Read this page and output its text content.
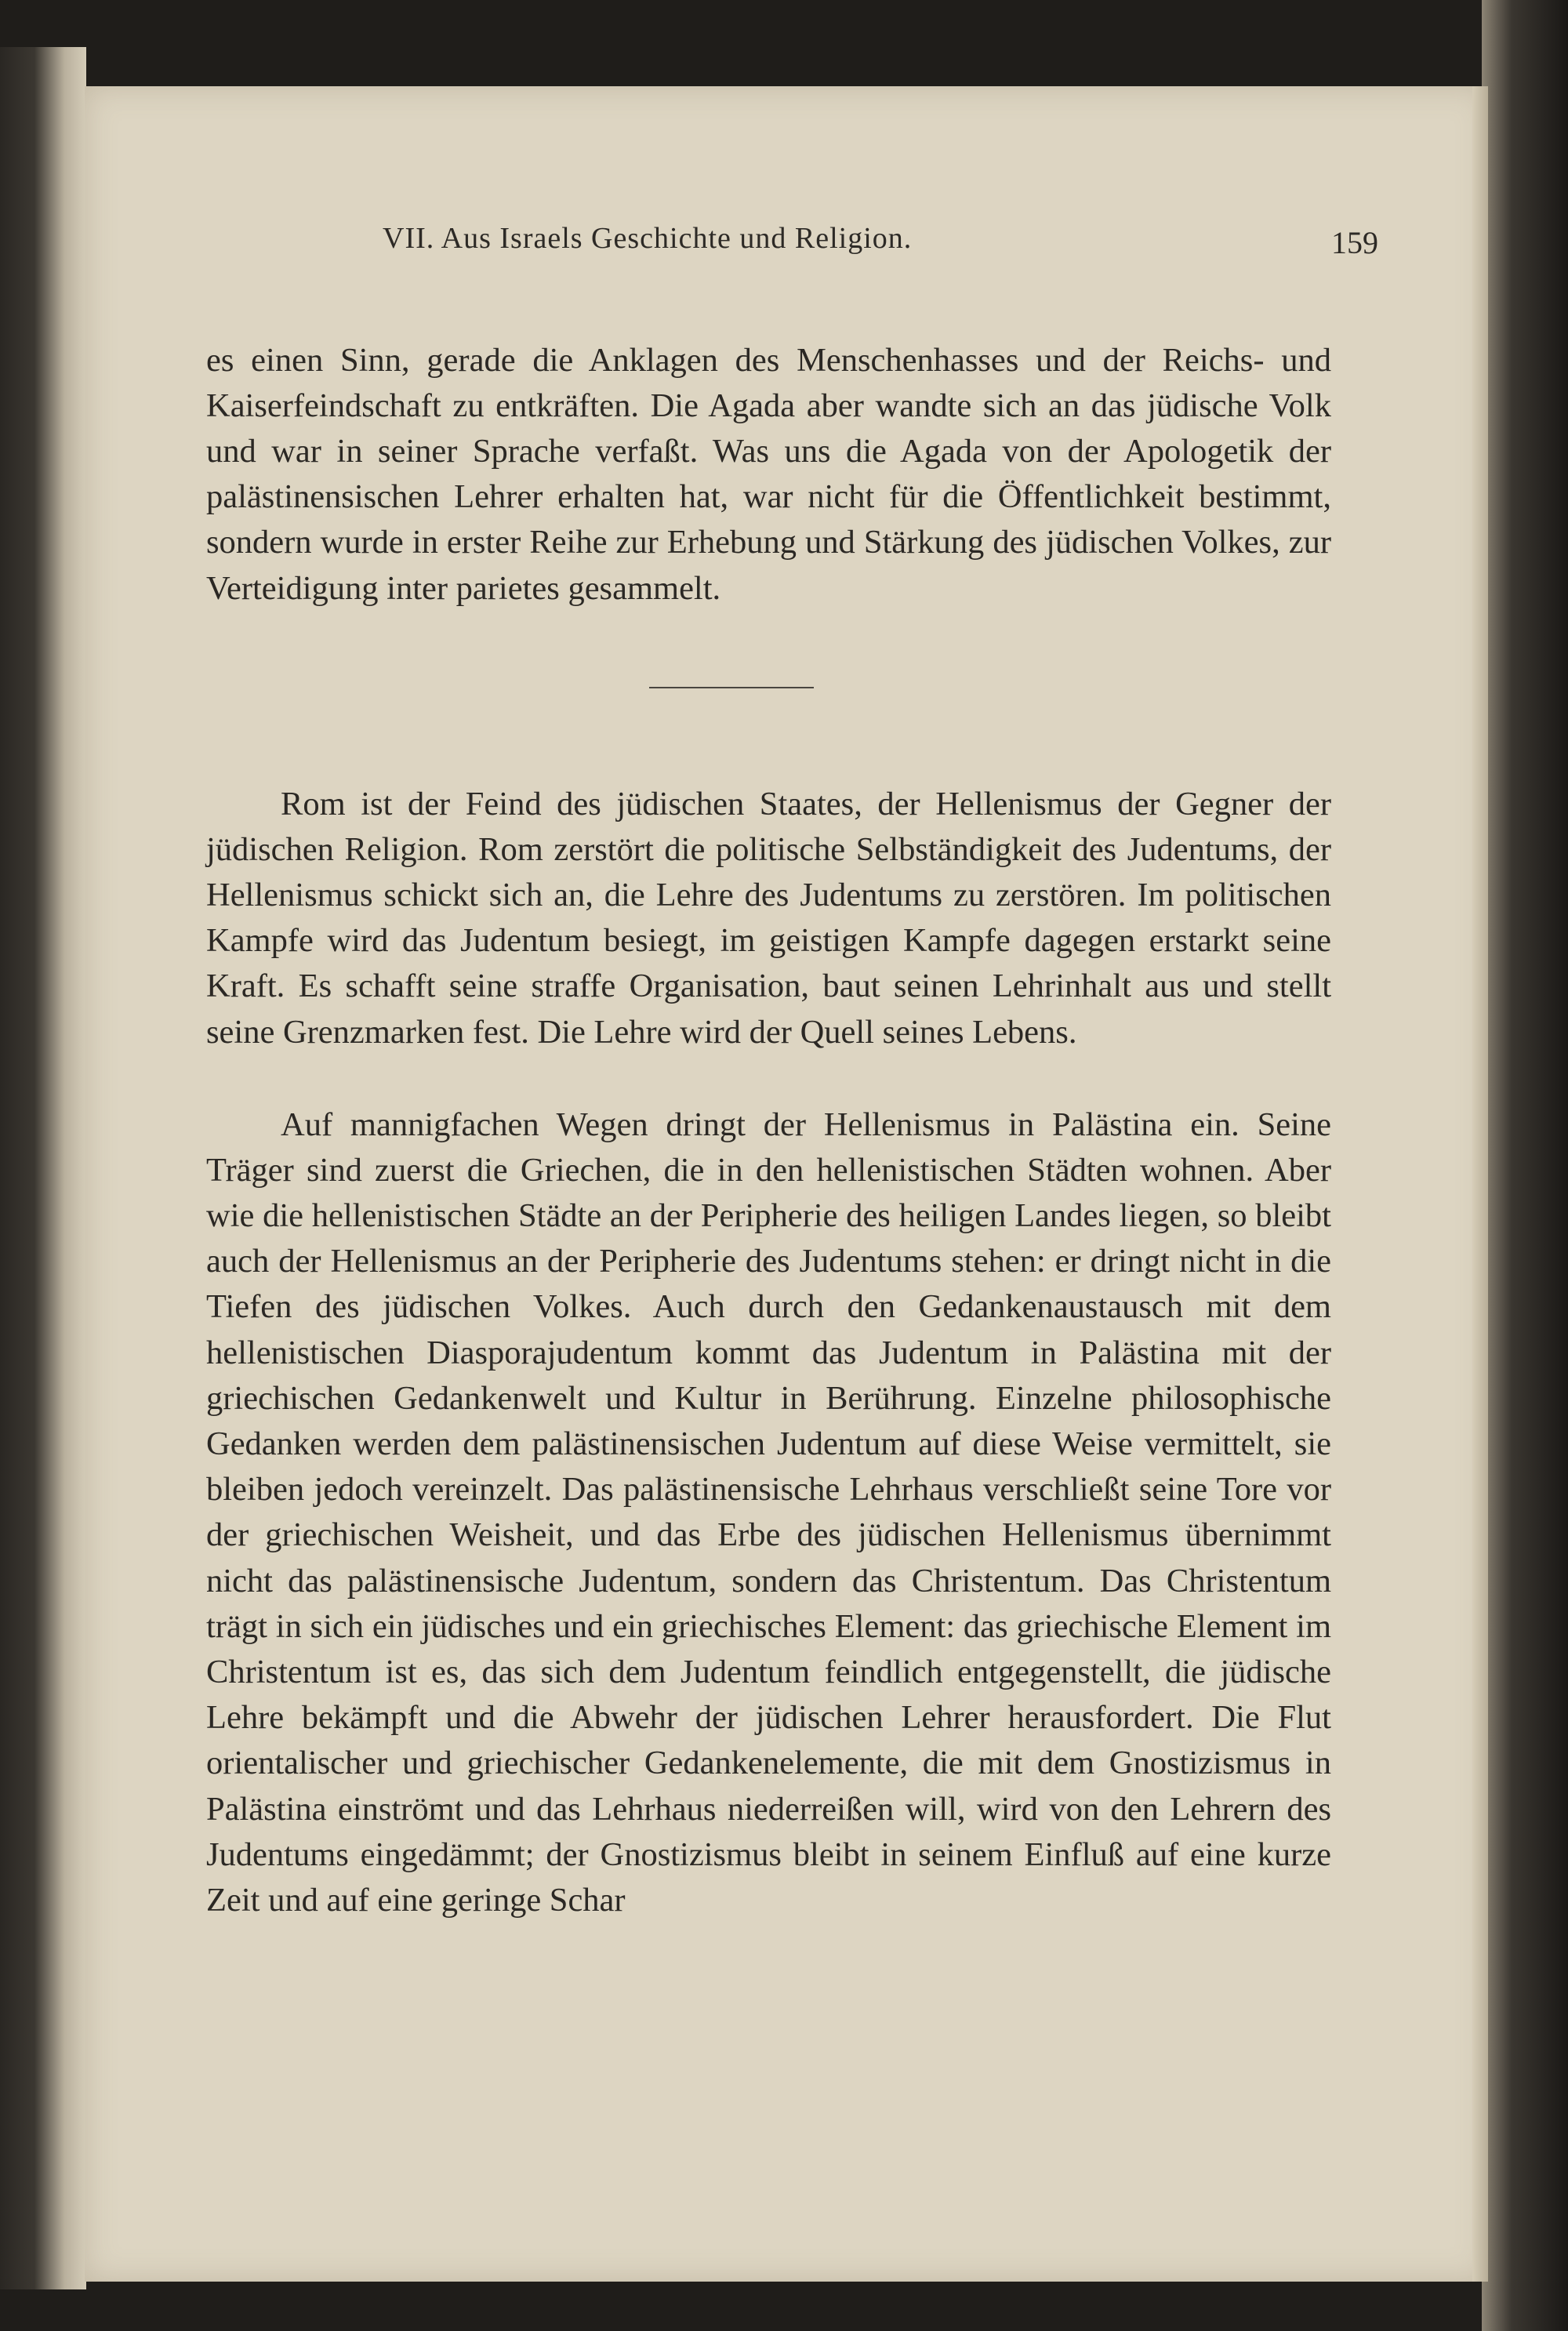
VII. Aus Israels Geschichte und Religion.	159

es einen Sinn, gerade die Anklagen des Menschenhasses und der Reichs- und Kaiserfeindschaft zu entkräften. Die Agada aber wandte sich an das jüdische Volk und war in seiner Sprache verfaßt. Was uns die Agada von der Apologetik der palästinensischen Lehrer erhalten hat, war nicht für die Öffentlichkeit bestimmt, sondern wurde in erster Reihe zur Erhebung und Stärkung des jüdischen Volkes, zur Verteidigung inter parietes gesammelt.

Rom ist der Feind des jüdischen Staates, der Hellenismus der Gegner der jüdischen Religion. Rom zerstört die politische Selbständigkeit des Judentums, der Hellenismus schickt sich an, die Lehre des Judentums zu zerstören. Im politischen Kampfe wird das Judentum besiegt, im geistigen Kampfe dagegen erstarkt seine Kraft. Es schafft seine straffe Organisation, baut seinen Lehrinhalt aus und stellt seine Grenzmarken fest. Die Lehre wird der Quell seines Lebens.

Auf mannigfachen Wegen dringt der Hellenismus in Palästina ein. Seine Träger sind zuerst die Griechen, die in den hellenistischen Städten wohnen. Aber wie die hellenistischen Städte an der Peripherie des heiligen Landes liegen, so bleibt auch der Hellenismus an der Peripherie des Judentums stehen: er dringt nicht in die Tiefen des jüdischen Volkes. Auch durch den Gedankenaustausch mit dem hellenistischen Diasporajudentum kommt das Judentum in Palästina mit der griechischen Gedankenwelt und Kultur in Berührung. Einzelne philosophische Gedanken werden dem palästinensischen Judentum auf diese Weise vermittelt, sie bleiben jedoch vereinzelt. Das palästinensische Lehrhaus verschließt seine Tore vor der griechischen Weisheit, und das Erbe des jüdischen Hellenismus übernimmt nicht das palästinensische Judentum, sondern das Christentum. Das Christentum trägt in sich ein jüdisches und ein griechisches Element: das griechische Element im Christentum ist es, das sich dem Judentum feindlich entgegenstellt, die jüdische Lehre bekämpft und die Abwehr der jüdischen Lehrer herausfordert. Die Flut orientalischer und griechischer Gedankenelemente, die mit dem Gnostizismus in Palästina einströmt und das Lehrhaus niederreißen will, wird von den Lehrern des Judentums eingedämmt; der Gnostizismus bleibt in seinem Einfluß auf eine kurze Zeit und auf eine geringe Schar
